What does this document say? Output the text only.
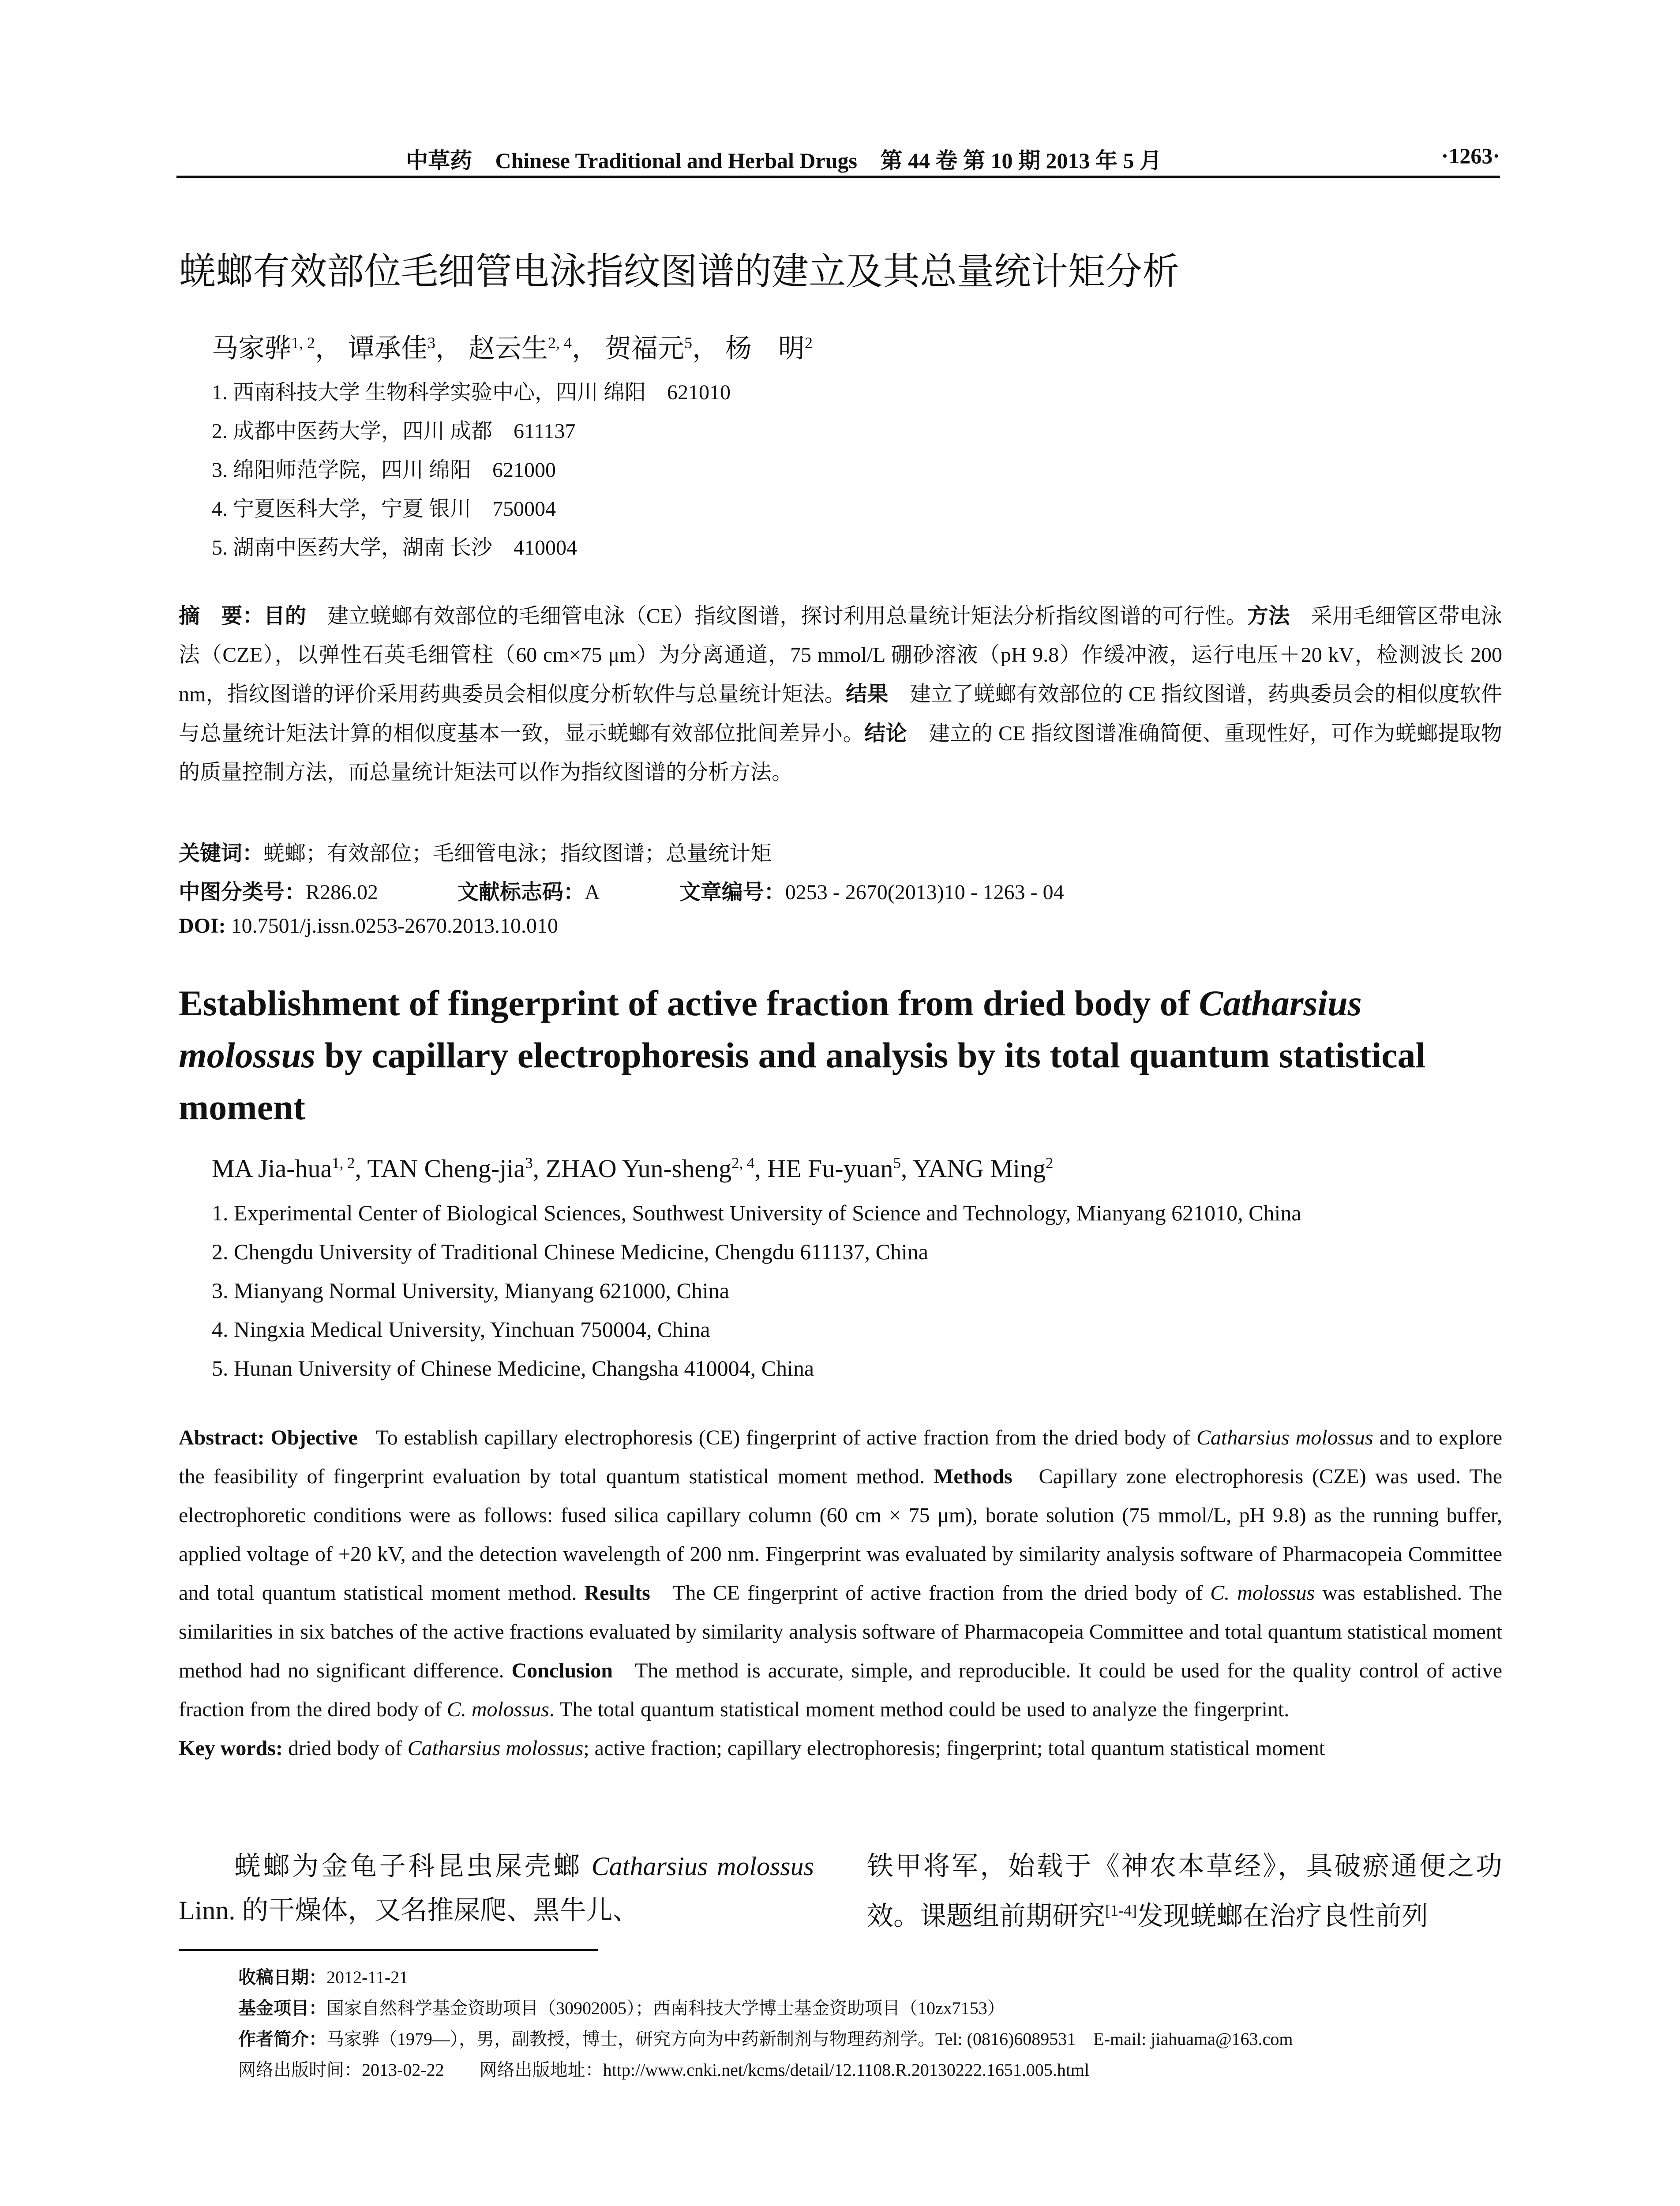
中草药 Chinese Traditional and Herbal Drugs 第 44 卷 第 10 期 2013 年 5 月	·1263·
蜣螂有效部位毛细管电泳指纹图谱的建立及其总量统计矩分析
马家骅$^{1, 2}$， 谭承佳$^3$， 赵云生$^{2, 4}$， 贺福元$^5$， 杨　明$^2$
1. 西南科技大学 生物科学实验中心，四川 绵阳　621010
2. 成都中医药大学，四川 成都　611137
3. 绵阳师范学院，四川 绵阳　621000
4. 宁夏医科大学，宁夏 银川　750004
5. 湖南中医药大学，湖南 长沙　410004
摘　要：目的　 建立蜣螂有效部位的毛细管电泳（CE）指纹图谱，探讨利用总量统计矩法分析指纹图谱的可行性。方法　 采用毛细管区带电泳法（CZE），以弹性石英毛细管柱（60 cm×75 μm）为分离通道，75 mmol/L 硼砂溶液（pH 9.8）作缓冲液，运行电压＋20 kV，检测波长 200 nm，指纹图谱的评价采用药典委员会相似度分析软件与总量统计矩法。结果　 建立了蜣螂有效部位的 CE 指纹图谱，药典委员会的相似度软件与总量统计矩法计算的相似度基本一致，显示蜣螂有效部位批间差异小。结论　 建立的 CE 指纹图谱准确简便、重现性好，可作为蜣螂提取物的质量控制方法，而总量统计矩法可以作为指纹图谱的分析方法。
关键词：蜣螂；有效部位；毛细管电泳；指纹图谱；总量统计矩
中图分类号：R286.02	文献标志码：A	文章编号：0253 - 2670(2013)10 - 1263 - 04
DOI: 10.7501/j.issn.0253-2670.2013.10.010
Establishment of fingerprint of active fraction from dried body of Catharsius molossus by capillary electrophoresis and analysis by its total quantum statistical moment
MA Jia-hua$^{1, 2}$, TAN Cheng-jia$^3$, ZHAO Yun-sheng$^{2, 4}$, HE Fu-yuan$^5$, YANG Ming$^2$
1. Experimental Center of Biological Sciences, Southwest University of Science and Technology, Mianyang 621010, China
2. Chengdu University of Traditional Chinese Medicine, Chengdu 611137, China
3. Mianyang Normal University, Mianyang 621000, China
4. Ningxia Medical University, Yinchuan 750004, China
5. Hunan University of Chinese Medicine, Changsha 410004, China
Abstract: Objective To establish capillary electrophoresis (CE) fingerprint of active fraction from the dried body of Catharsius molossus and to explore the feasibility of fingerprint evaluation by total quantum statistical moment method. Methods Capillary zone electrophoresis (CZE) was used. The electrophoretic conditions were as follows: fused silica capillary column (60 cm × 75 μm), borate solution (75 mmol/L, pH 9.8) as the running buffer, applied voltage of +20 kV, and the detection wavelength of 200 nm. Fingerprint was evaluated by similarity analysis software of Pharmacopeia Committee and total quantum statistical moment method. Results The CE fingerprint of active fraction from the dried body of C. molossus was established. The similarities in six batches of the active fractions evaluated by similarity analysis software of Pharmacopeia Committee and total quantum statistical moment method had no significant difference. Conclusion The method is accurate, simple, and reproducible. It could be used for the quality control of active fraction from the dired body of C. molossus. The total quantum statistical moment method could be used to analyze the fingerprint.
Key words: dried body of Catharsius molossus; active fraction; capillary electrophoresis; fingerprint; total quantum statistical moment
蜣螂为金龟子科昆虫屎壳螂 Catharsius molossus Linn. 的干燥体，又名推屎爬、黑牛儿、
铁甲将军，始载于《神农本草经》，具破瘀通便之功效。课题组前期研究[1-4]发现蜣螂在治疗良性前列
收稿日期：2012-11-21
基金项目：国家自然科学基金资助项目（30902005）；西南科技大学博士基金资助项目（10zx7153）
作者简介：马家骅（1979—），男，副教授，博士，研究方向为中药新制剂与物理药剂学。Tel: (0816)6089531　E-mail: jiahuama@163.com
网络出版时间：2013-02-22 网络出版地址：http://www.cnki.net/kcms/detail/12.1108.R.20130222.1651.005.html
